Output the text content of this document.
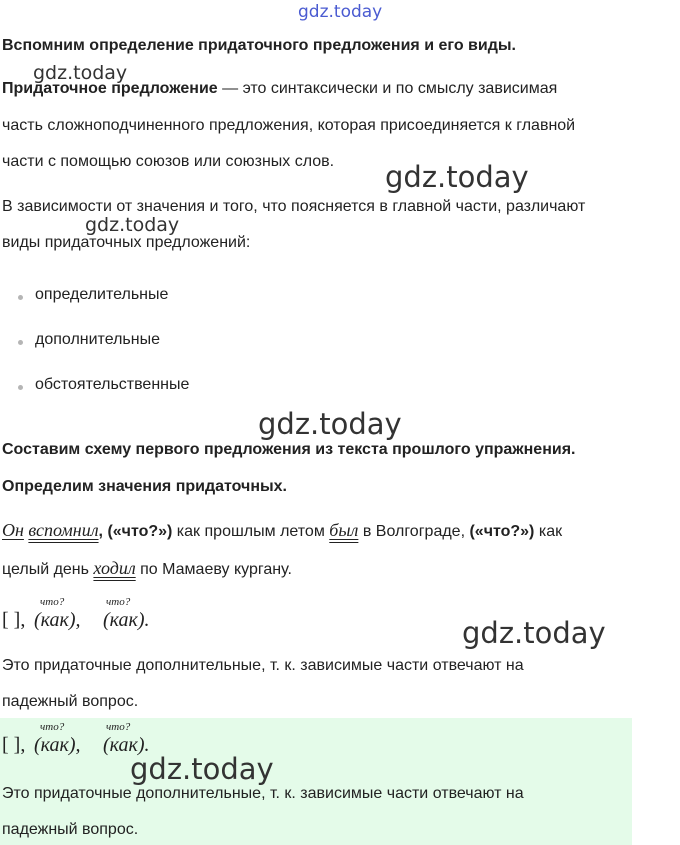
gdz.today
Вспомним определение придаточного предложения и его виды.
gdz.today
Придаточное предложение — это синтаксически и по смыслу зависимая
часть сложноподчиненного предложения, которая присоединяется к главной
части с помощью союзов или союзных слов. gdz.today
В зависимости от значения и того, что поясняется в главной части, различают
gdz.today
виды придаточных предложений:
определительные
дополнительные
обстоятельственные
gdz.today
Составим схему первого предложения из текста прошлого упражнения.
Определим значения придаточных.
Он вспомнил, («что?») как прошлым летом был в Волгограде, («что?») как
целый день ходил по Мамаеву кургану.
[ ],
что?
(как),
что?
(как).	gdz.today
Это придаточные дополнительные, т. к. зависимые части отвечают на
падежный вопрос.
[ ],
что?
(как),
что?
(как).
gdz.today
Это придаточные дополнительные, т. к. зависимые части отвечают на
падежный вопрос.
